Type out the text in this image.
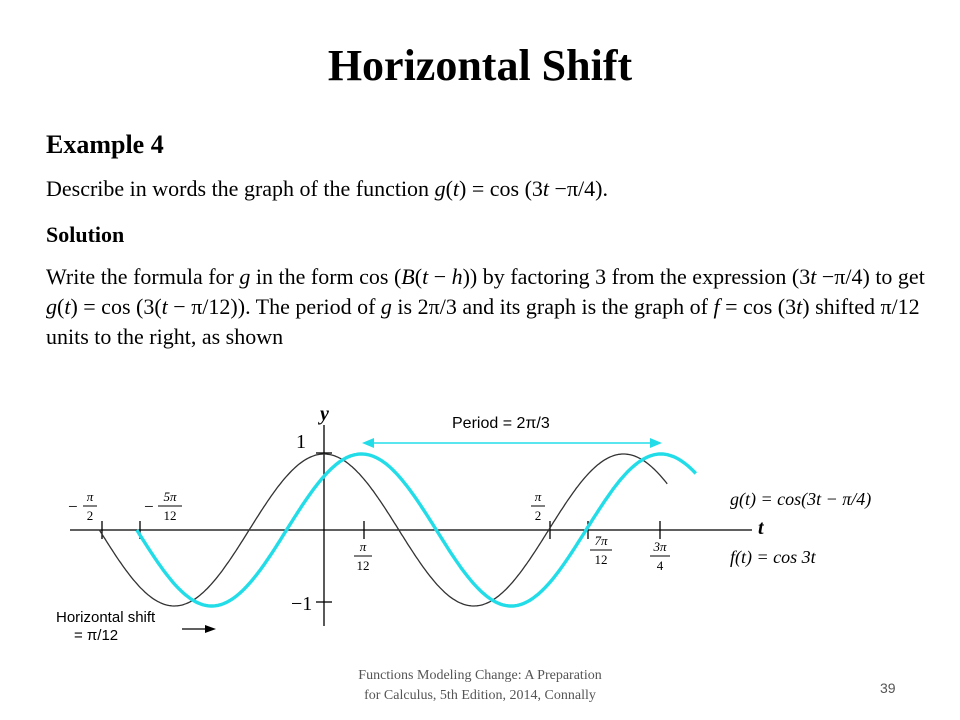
Horizontal Shift
Example 4
Describe in words the graph of the function g(t) = cos (3t −π/4).
Solution
Write the formula for g in the form cos (B(t − h)) by factoring 3 from the expression (3t −π/4) to get g(t) = cos (3(t − π/12)). The period of g is 2π/3 and its graph is the graph of f = cos (3t) shifted π/12 units to the right, as shown
y
t
1
−1
−
π
2	−
5π
12
π
12
π
2
7π
12
3π
4
Period = 2π/3
g(t) = cos(3t − π/4)
f(t) = cos 3t
Horizontal shift
= π/12
Functions Modeling Change: A Preparation
for Calculus, 5th Edition, 2014, Connally	39
